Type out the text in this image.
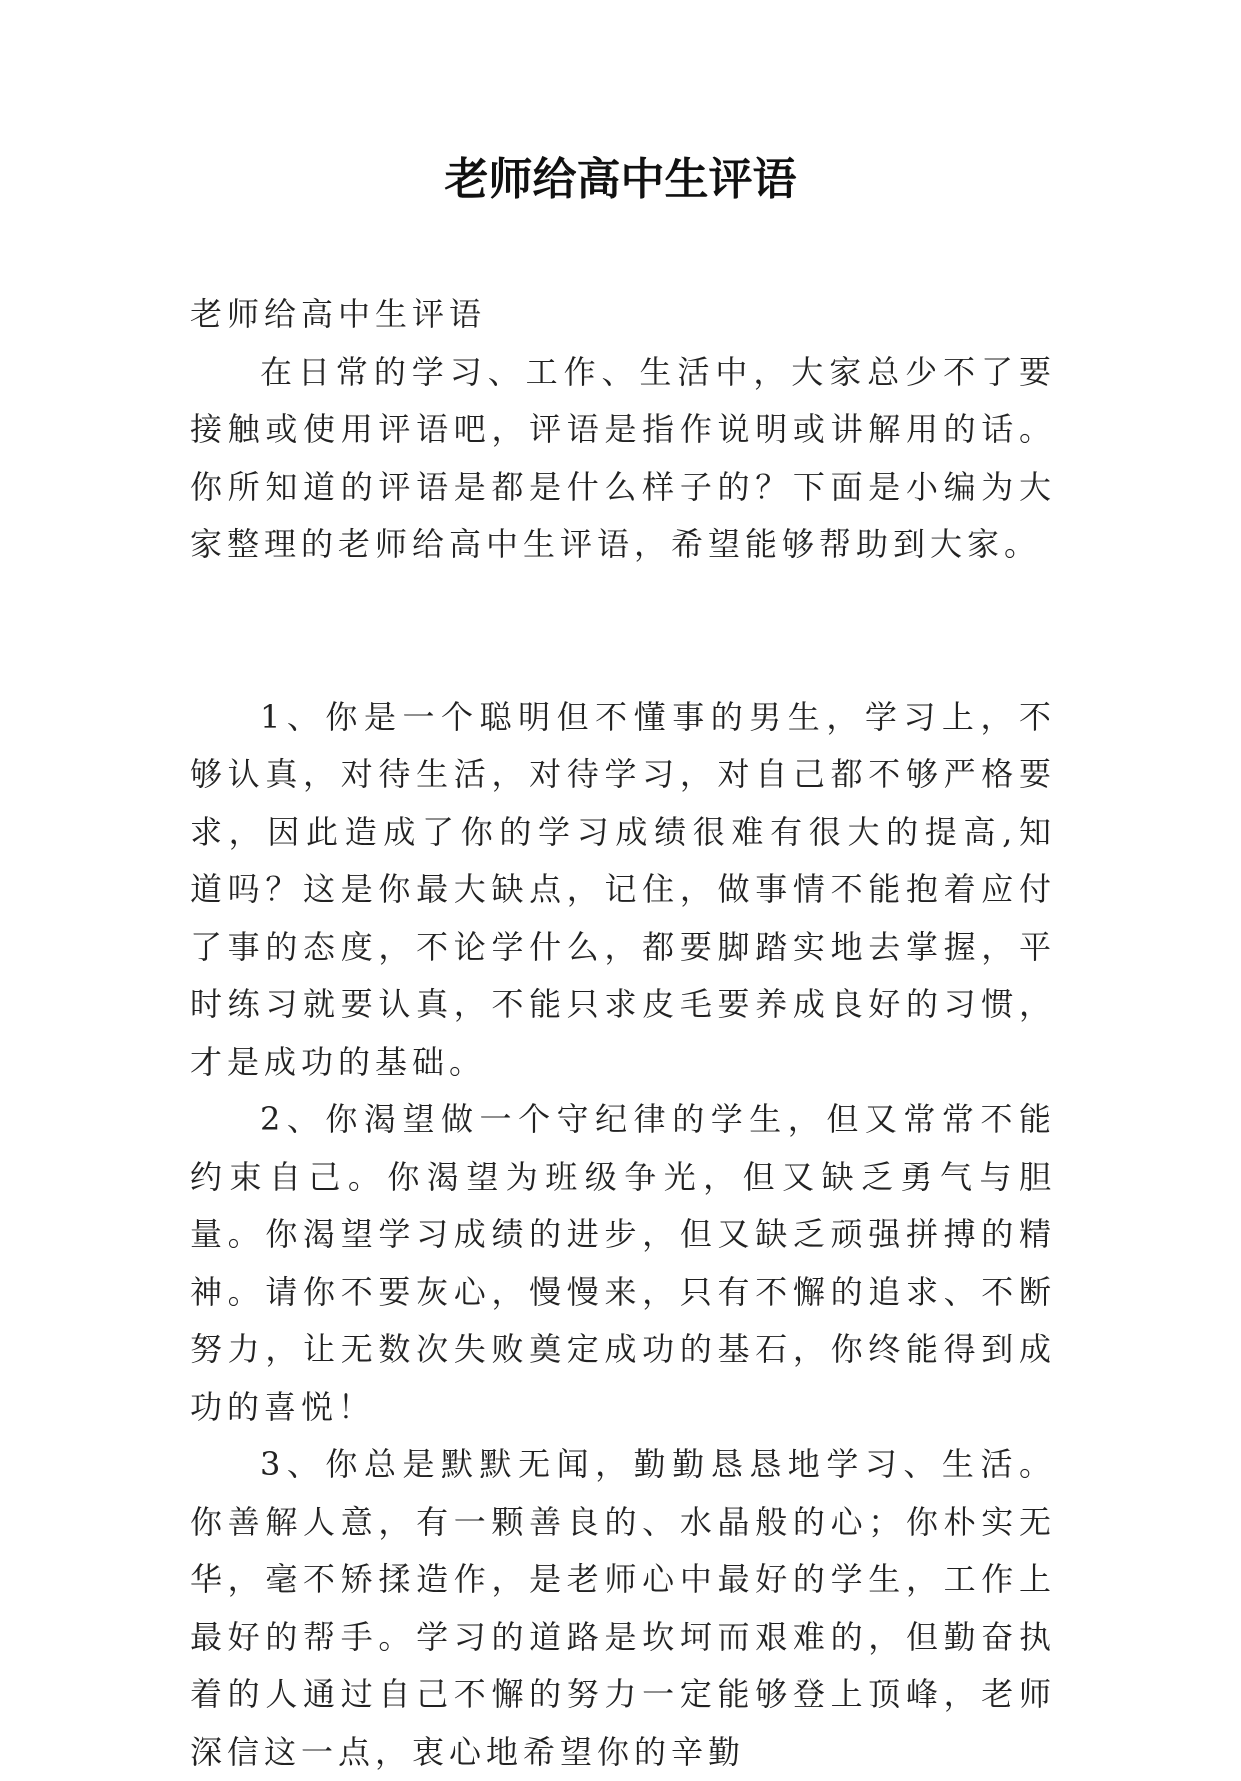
老师给高中生评语

老师给高中生评语

在日常的学习、工作、生活中，大家总少不了要接触或使用评语吧，评语是指作说明或讲解用的话。你所知道的评语是都是什么样子的？下面是小编为大家整理的老师给高中生评语，希望能够帮助到大家。

1、你是一个聪明但不懂事的男生，学习上，不够认真，对待生活，对待学习，对自己都不够严格要求，因此造成了你的学习成绩很难有很大的提高,知道吗？这是你最大缺点，记住，做事情不能抱着应付了事的态度，不论学什么，都要脚踏实地去掌握，平时练习就要认真，不能只求皮毛要养成良好的习惯，才是成功的基础。

2、你渴望做一个守纪律的学生，但又常常不能约束自己。你渴望为班级争光，但又缺乏勇气与胆量。你渴望学习成绩的进步，但又缺乏顽强拼搏的精神。请你不要灰心，慢慢来，只有不懈的追求、不断努力，让无数次失败奠定成功的基石，你终能得到成功的喜悦！

3、你总是默默无闻，勤勤恳恳地学习、生活。你善解人意，有一颗善良的、水晶般的心；你朴实无华，毫不矫揉造作，是老师心中最好的学生，工作上最好的帮手。学习的道路是坎坷而艰难的，但勤奋执着的人通过自己不懈的努力一定能够登上顶峰，老师深信这一点，衷心地希望你的辛勤
